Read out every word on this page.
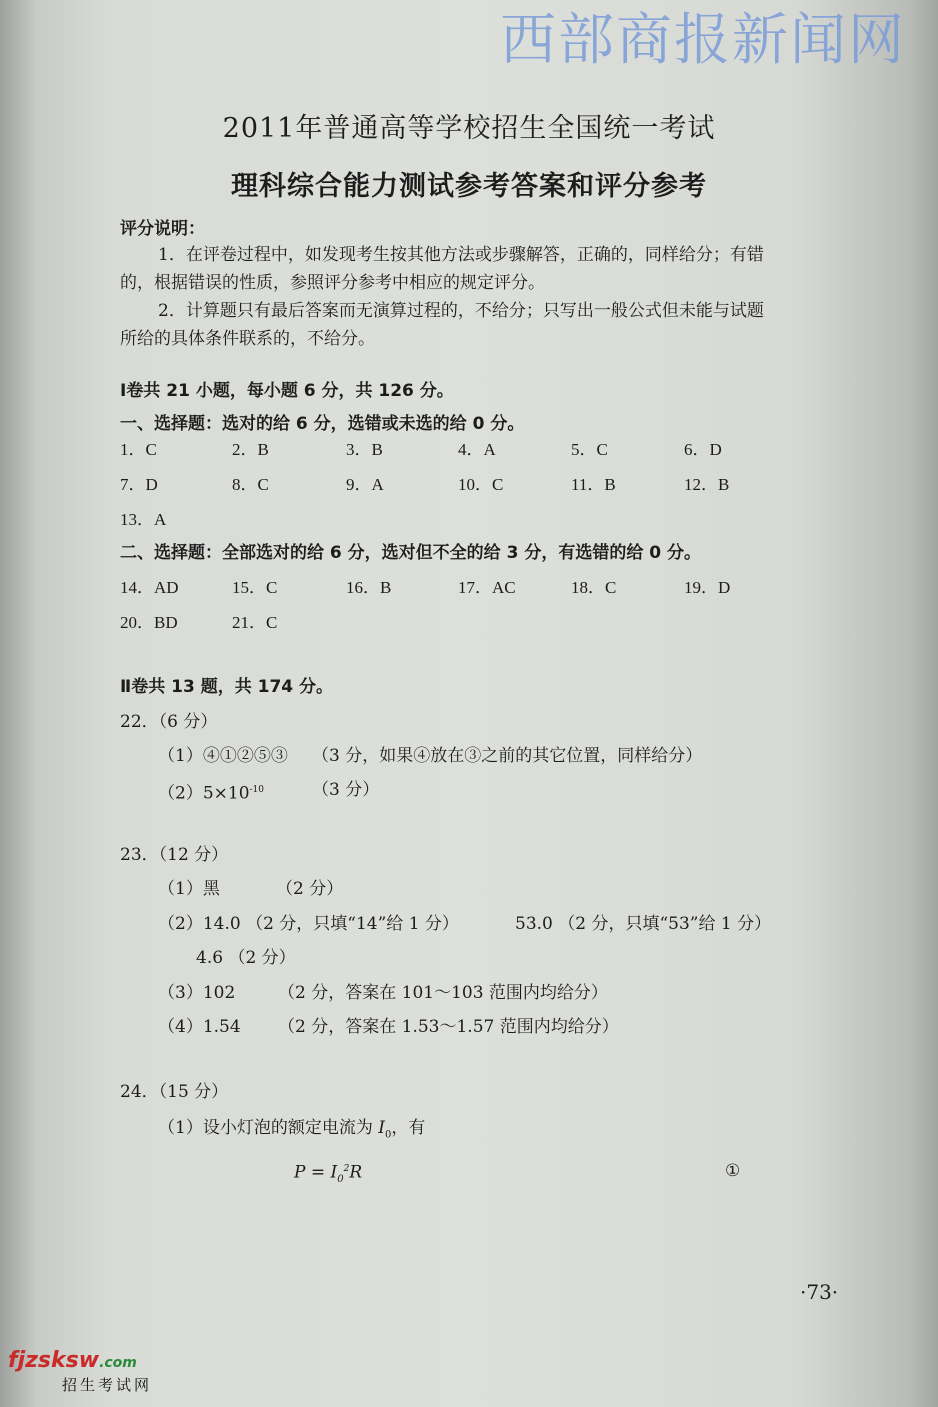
西部商报新闻网
2011年普通高等学校招生全国统一考试
理科综合能力测试参考答案和评分参考
评分说明：
1．在评卷过程中，如发现考生按其他方法或步骤解答，正确的，同样给分；有错
的，根据错误的性质，参照评分参考中相应的规定评分。
2．计算题只有最后答案而无演算过程的，不给分；只写出一般公式但未能与试题
所给的具体条件联系的，不给分。
Ⅰ卷共 21 小题，每小题 6 分，共 126 分。
一、选择题：选对的给 6 分，选错或未选的给 0 分。
1．C	2．B	3．B	4．A	5．C	6．D
7．D	8．C	9．A	10．C	11．B	12．B
13．A
二、选择题：全部选对的给 6 分，选对但不全的给 3 分，有选错的给 0 分。
14．AD	15．C	16．B	17．AC	18．C	19．D
20．BD	21．C
Ⅱ卷共 13 题，共 174 分。
22．（6 分）
（1）④①②⑤③ （3 分，如果④放在③之前的其它位置，同样给分）
$(2)5\times 10^{-10}$	（3 分）
23．（12 分）
（1）黑	（2 分）
（2）14.0 （2 分，只填“14”给 1 分）	53.0 （2 分，只填“53”给 1 分）
4.6 （2 分）
（3）102	（2 分，答案在 101～103 范围内均给分）
（4）1.54 （2 分，答案在 1.53～1.57 范围内均给分）
24．（15 分）
（1）设小灯泡的额定电流为 $I_0$，有
$P = I_0^2R$	①
·73·
fjzsksw.com
招生考试网
